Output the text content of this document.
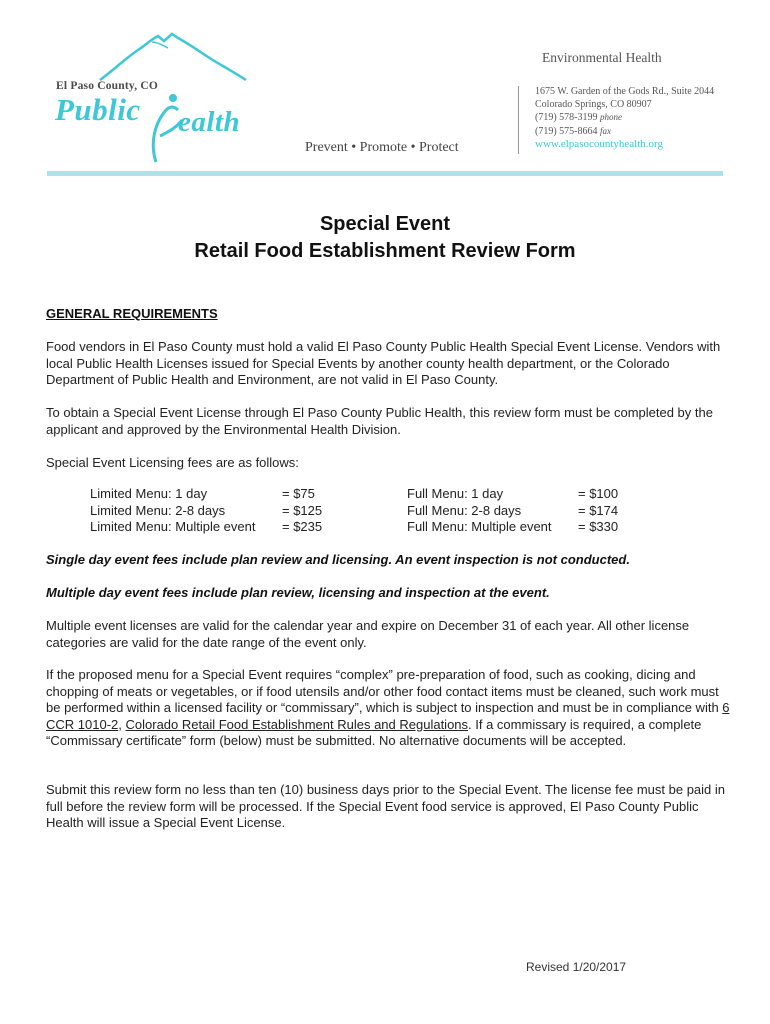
El Paso County, CO
Public ealth
Prevent • Promote • Protect
Environmental Health
1675 W. Garden of the Gods Rd., Suite 2044
Colorado Springs, CO 80907
(719) 578-3199 phone
(719) 575-8664 fax
www.elpasocountyhealth.org
Special Event
Retail Food Establishment Review Form
GENERAL REQUIREMENTS
Food vendors in El Paso County must hold a valid El Paso County Public Health Special Event License. Vendors with local Public Health Licenses issued for Special Events by another county health department, or the Colorado Department of Public Health and Environment, are not valid in El Paso County.
To obtain a Special Event License through El Paso County Public Health, this review form must be completed by the applicant and approved by the Environmental Health Division.
Special Event Licensing fees are as follows:
Limited Menu: 1 day	= $75	Full Menu: 1 day	= $100
Limited Menu: 2-8 days	= $125	Full Menu: 2-8 days	= $174
Limited Menu: Multiple event = $235	Full Menu: Multiple event = $330
Single day event fees include plan review and licensing. An event inspection is not conducted.
Multiple day event fees include plan review, licensing and inspection at the event.
Multiple event licenses are valid for the calendar year and expire on December 31 of each year. All other license categories are valid for the date range of the event only.
If the proposed menu for a Special Event requires “complex” pre-preparation of food, such as cooking, dicing and chopping of meats or vegetables, or if food utensils and/or other food contact items must be cleaned, such work must be performed within a licensed facility or “commissary”, which is subject to inspection and must be in compliance with 6 CCR 1010-2, Colorado Retail Food Establishment Rules and Regulations. If a commissary is required, a complete “Commissary certificate” form (below) must be submitted. No alternative documents will be accepted.
Submit this review form no less than ten (10) business days prior to the Special Event. The license fee must be paid in full before the review form will be processed. If the Special Event food service is approved, El Paso County Public Health will issue a Special Event License.
Revised 1/20/2017
